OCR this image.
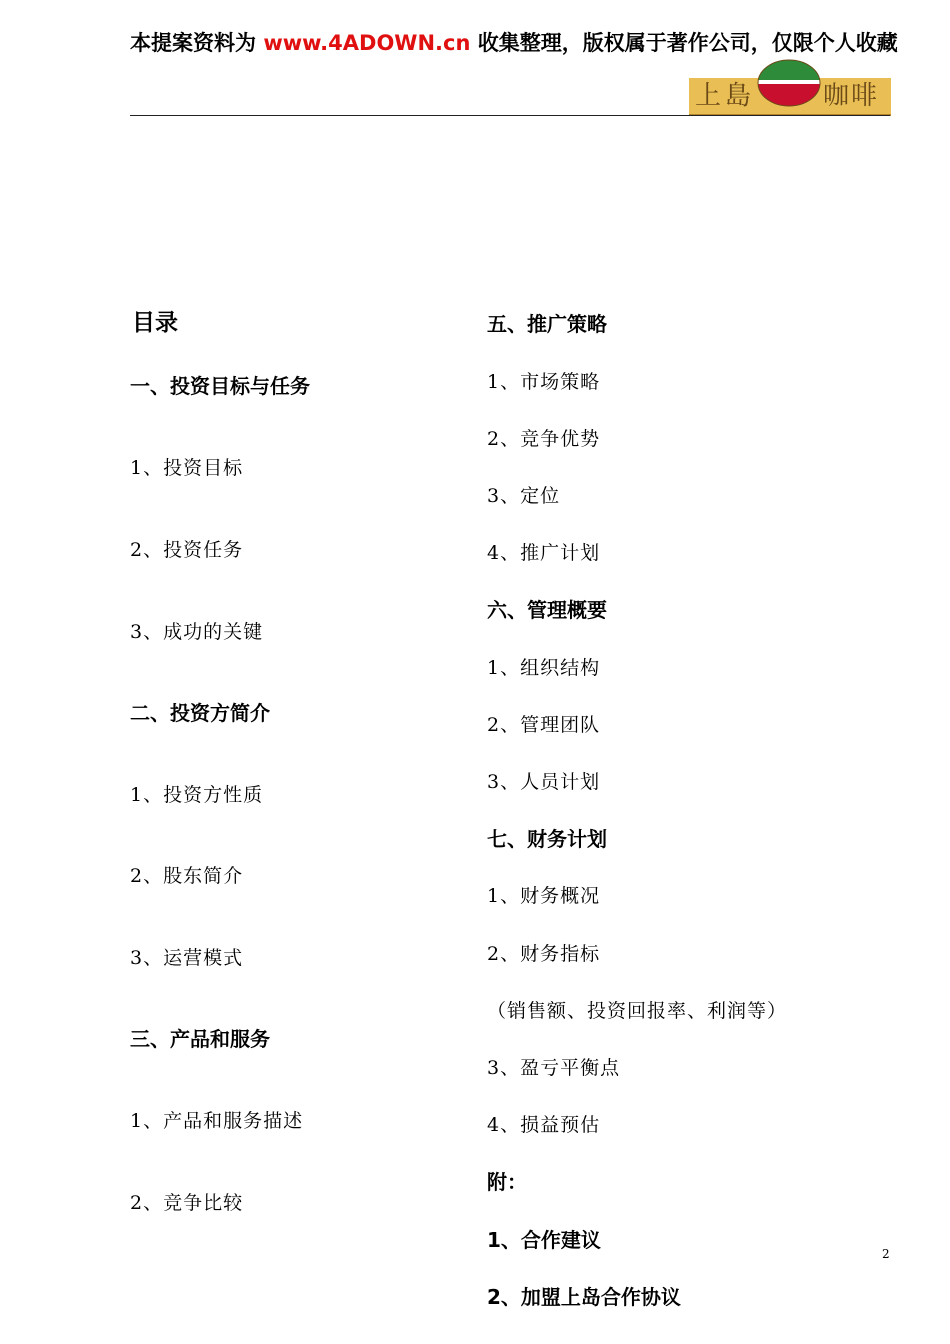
本提案资料为 www.4ADOWN.cn 收集整理，版权属于著作公司，仅限个人收藏
上島	咖啡
目录
一、投资目标与任务
1、投资目标
2、投资任务
3、成功的关键
二、投资方简介
1、投资方性质
2、股东简介
3、运营模式
三、产品和服务
1、产品和服务描述
2、竞争比较
五、推广策略
1、市场策略
2、竞争优势
3、定位
4、推广计划
六、管理概要
1、组织结构
2、管理团队
3、人员计划
七、财务计划
1、财务概况
2、财务指标
（销售额、投资回报率、利润等）
3、盈亏平衡点
4、损益预估
附：
1、合作建议
2、加盟上岛合作协议
2
